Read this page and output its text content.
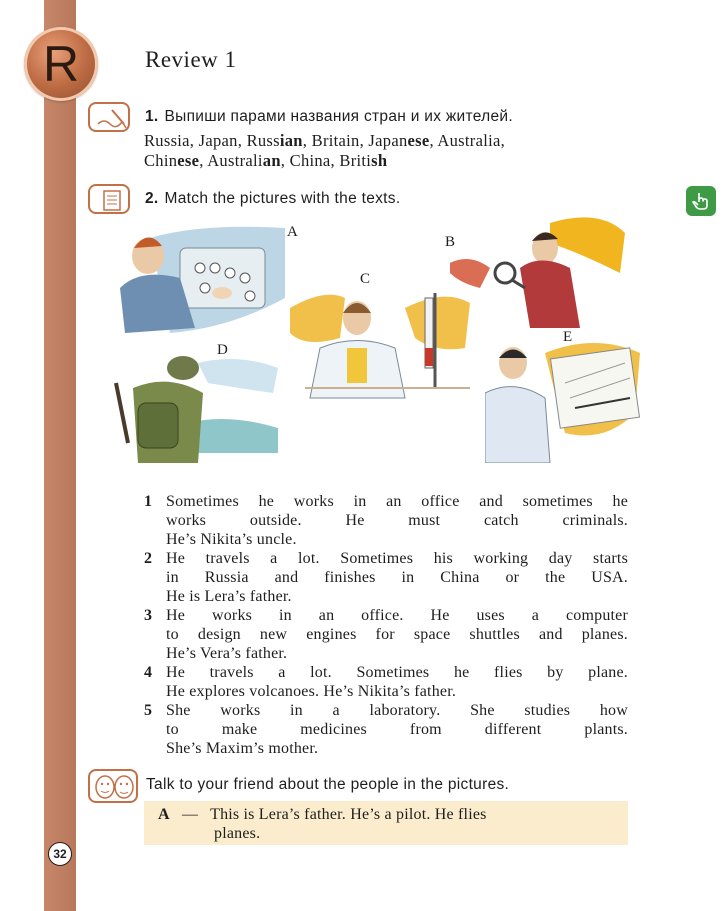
R	Review 1
1. Выпиши парами названия стран и их жителей.
Russia, Japan, Russian, Britain, Japanese, Australia,
Chinese, Australian, China, British
2. Match the pictures with the texts.
A
B
C
D
E
1 Sometimes he works in an office and sometimes he
works outside. He must catch criminals.
He’s Nikita’s uncle.
2 He travels a lot. Sometimes his working day starts
in Russia and finishes in China or the USA.
He is Lera’s father.
3 He works in an office. He uses a computer
to design new engines for space shuttles and planes.
He’s Vera’s father.
4 He travels a lot. Sometimes he flies by plane.
He explores volcanoes. He’s Nikita’s father.
5 She works in a laboratory. She studies how
to make medicines from different plants.
She’s Maxim’s mother.
Talk to your friend about the people in the pictures.
A — This is Lera’s father. He’s a pilot. He flies
planes.
32
